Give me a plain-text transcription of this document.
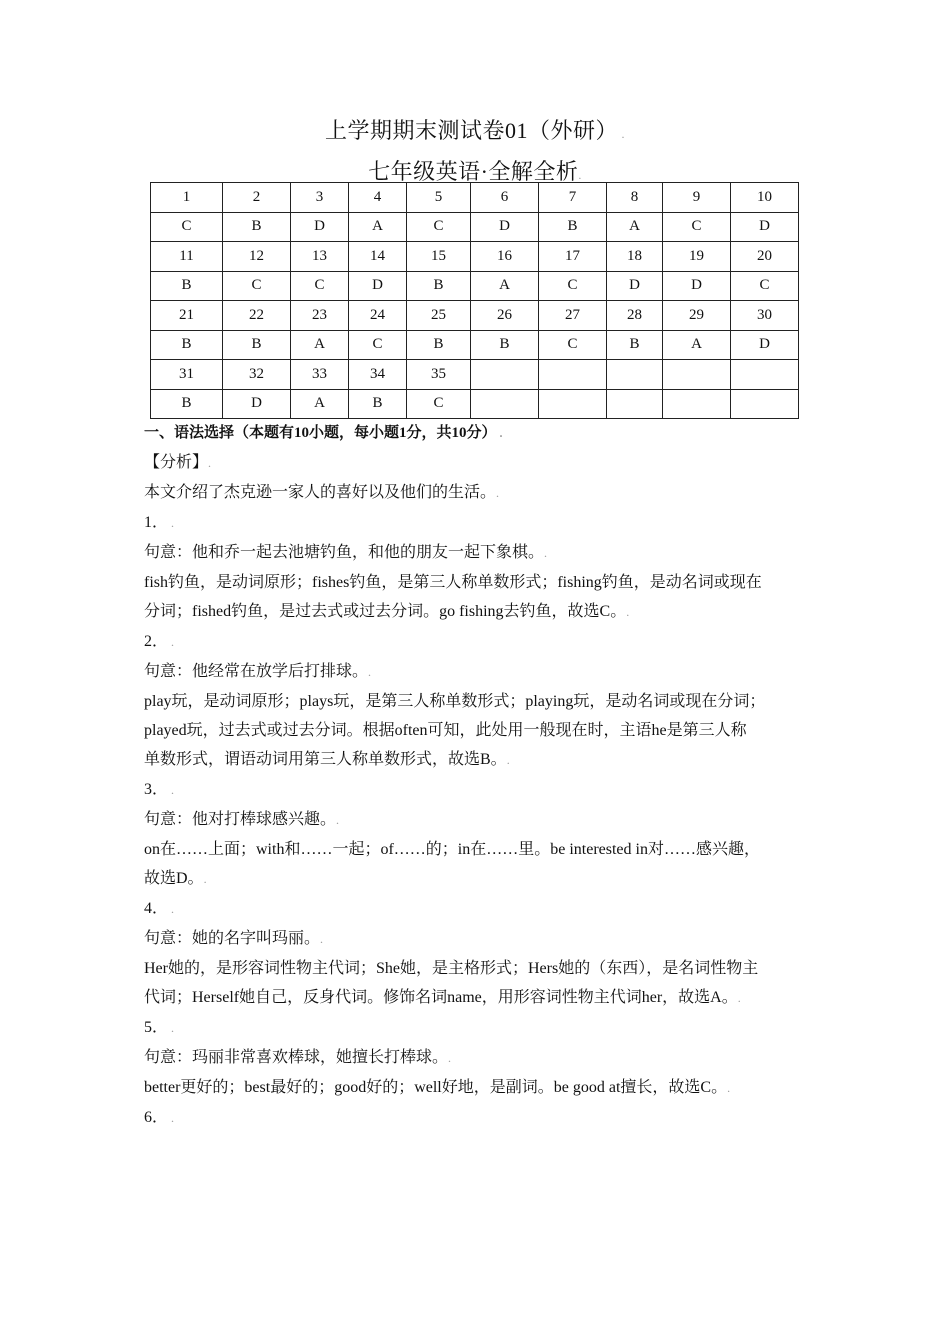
上学期期末测试卷01（外研） .
七年级英语·全解全析.
1	2	3	4	5	6	7	8	9	10
C	B	D	A	C	D	B	A	C	D
11	12	13	14	15	16	17	18	19	20
B	C	C	D	B	A	C	D	D	C
21	22	23	24	25	26	27	28	29	30
B	B	A	C	B	B	C	B	A	D
31	32	33	34	35					
B	D	A	B	C					

一、语法选择（本题有10小题，每小题1分，共10分） .

【分析】.

本文介绍了杰克逊一家人的喜好以及他们的生活。.

1． .

句意：他和乔一起去池塘钓鱼，和他的朋友一起下象棋。.

fish钓鱼，是动词原形；fishes钓鱼，是第三人称单数形式；fishing钓鱼，是动名词或现在

分词；fished钓鱼，是过去式或过去分词。go fishing去钓鱼，故选C。.

2． .

句意：他经常在放学后打排球。.

play玩，是动词原形；plays玩，是第三人称单数形式；playing玩，是动名词或现在分词；

played玩，过去式或过去分词。根据often可知，此处用一般现在时，主语he是第三人称

单数形式，谓语动词用第三人称单数形式，故选B。.

3． .

句意：他对打棒球感兴趣。.

on在……上面；with和……一起；of……的；in在……里。be interested in对……感兴趣，

故选D。.

4． .

句意：她的名字叫玛丽。.

Her她的，是形容词性物主代词；She她，是主格形式；Hers她的（东西），是名词性物主

代词；Herself她自己，反身代词。修饰名词name，用形容词性物主代词her，故选A。.

5． .

句意：玛丽非常喜欢棒球，她擅长打棒球。.

better更好的；best最好的；good好的；well好地，是副词。be good at擅长，故选C。.

6． .
